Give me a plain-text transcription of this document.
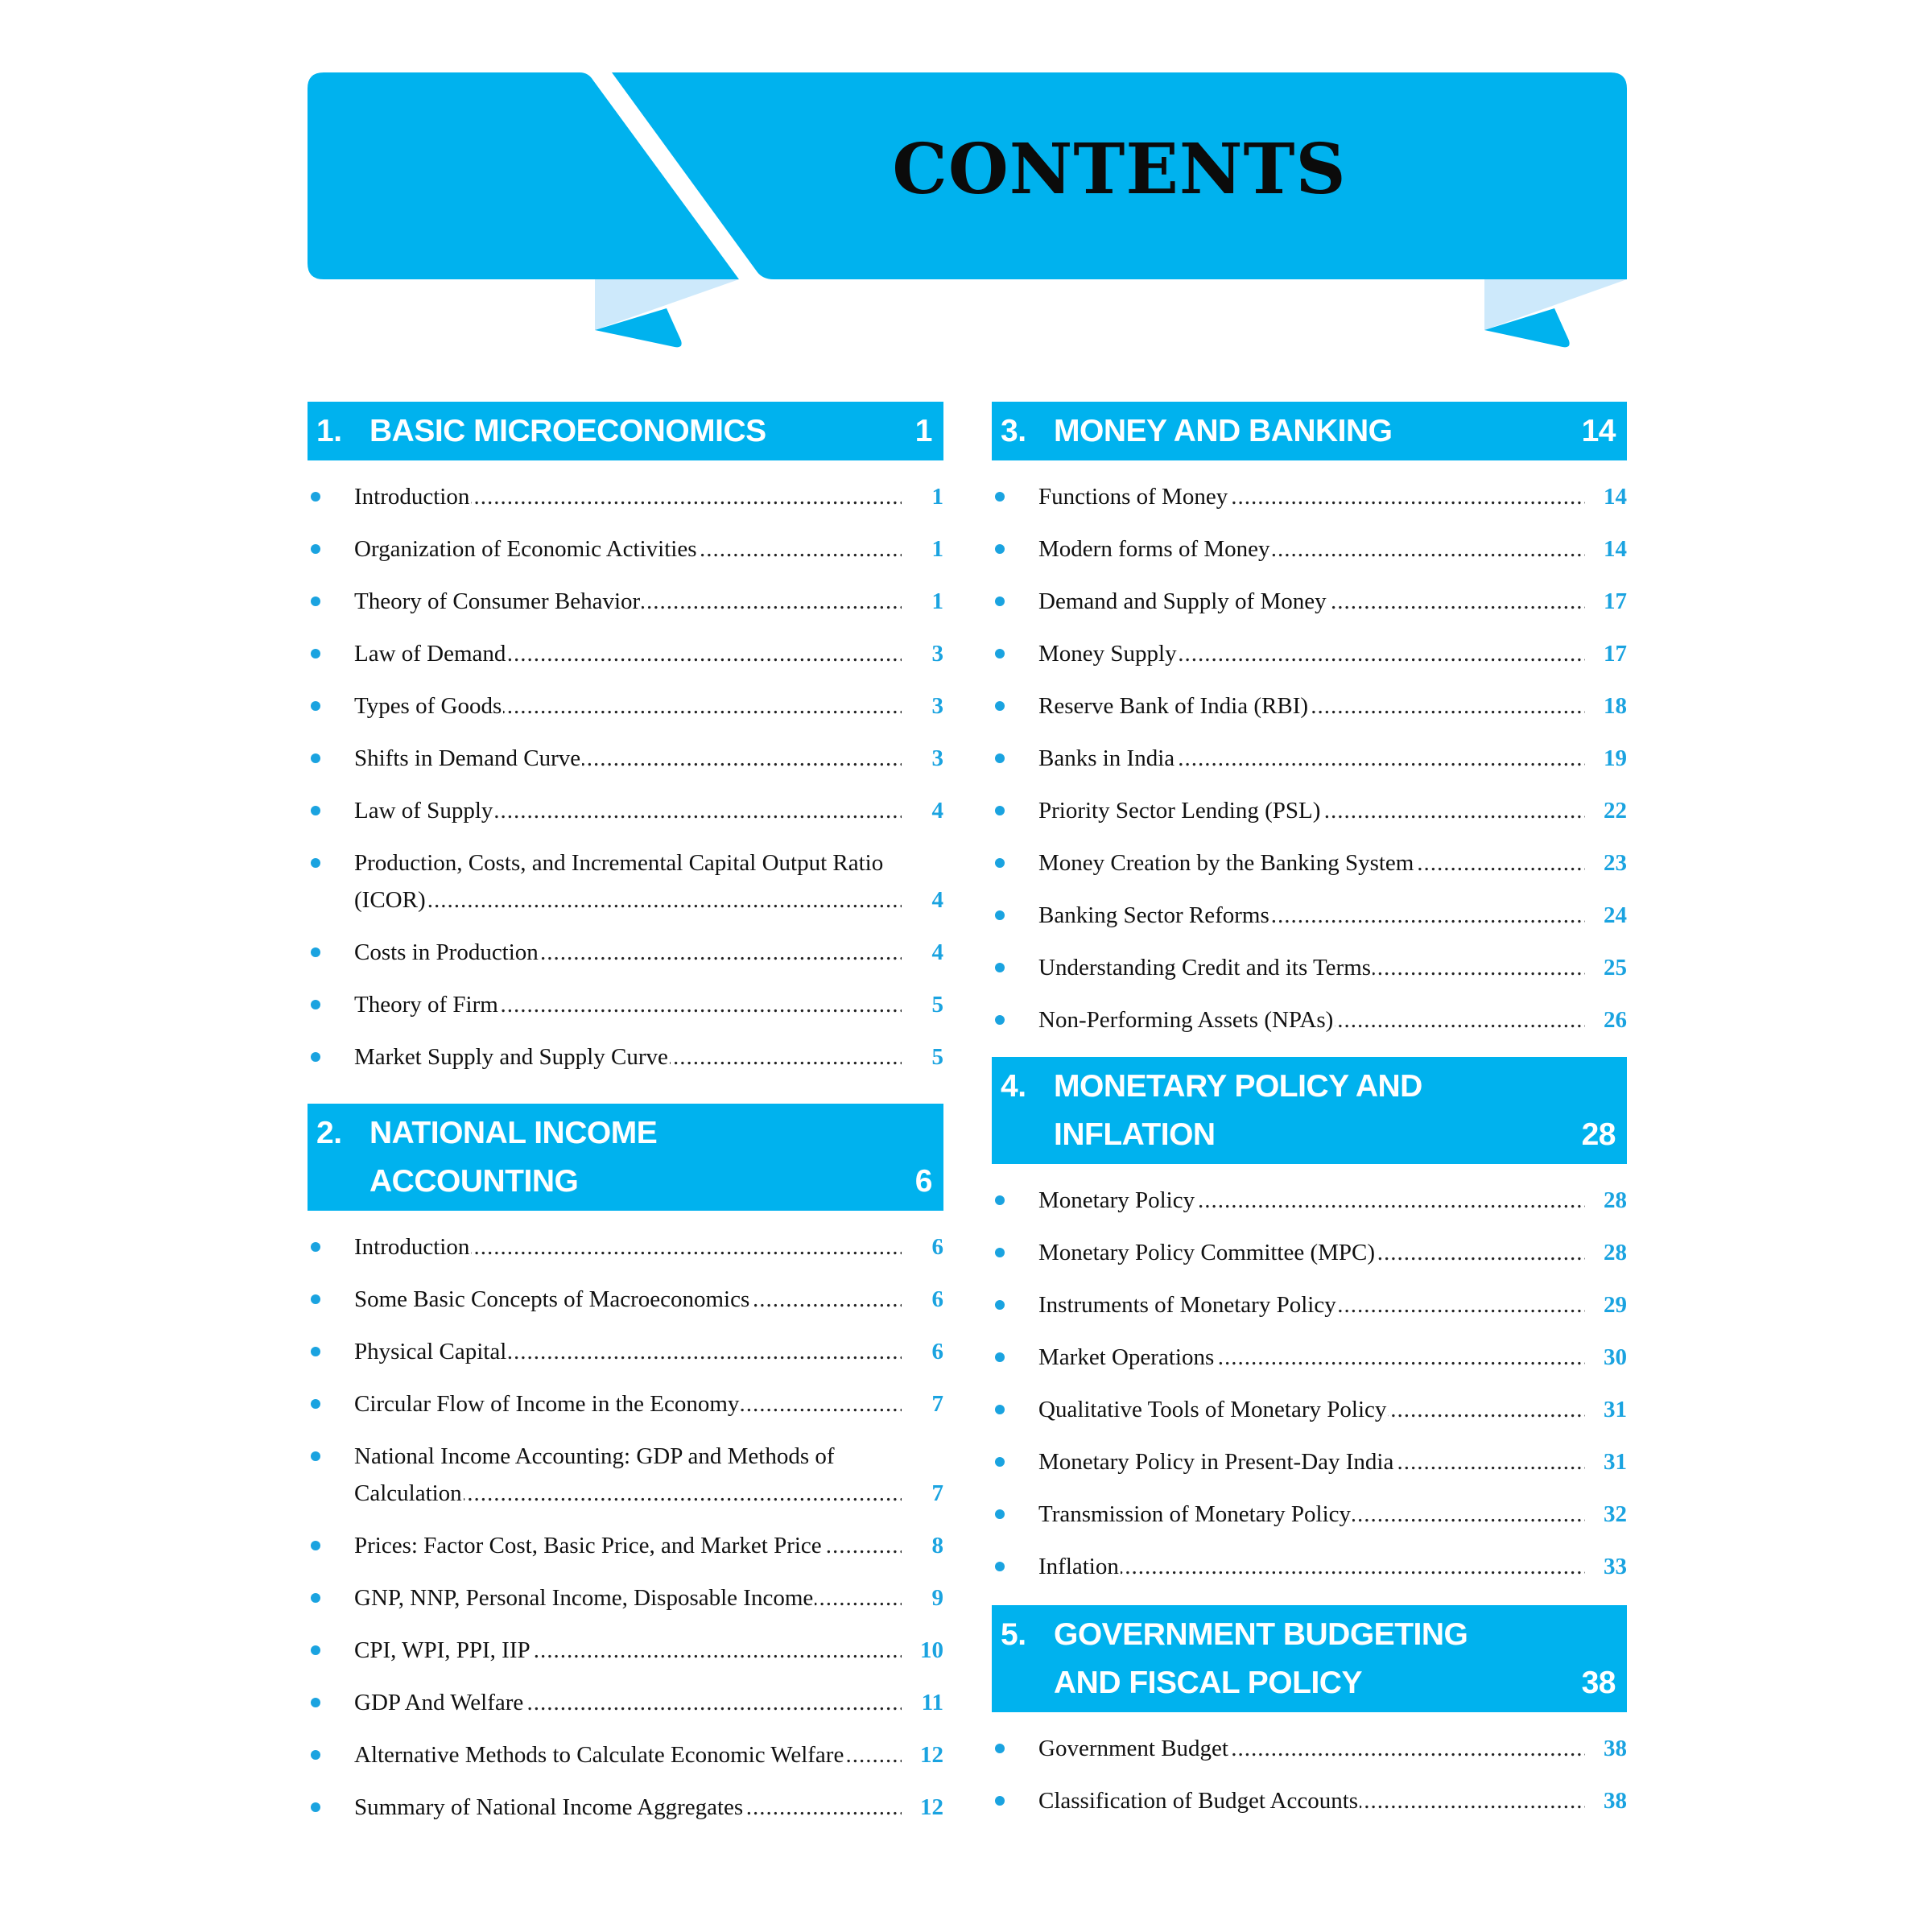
CONTENTS
1. BASIC MICROECONOMICS	1
.....
Introduction	1
.....
Organization of Economic Activities	1
.....
Theory of Consumer Behavior	1
.....
Law of Demand	3
.....
Types of Goods	3
.....
Shifts in Demand Curve	3
.....
Law of Supply	4
.....
Production, Costs, and Incremental Capital Output Ratio (ICOR)	4
.....
Costs in Production	4
.....
Theory of Firm	5
.....
Market Supply and Supply Curve	5
2. NATIONAL INCOME ACCOUNTING	6
.....
Introduction	6
.....
Some Basic Concepts of Macroeconomics	6
.....
Physical Capital	6
.....
Circular Flow of Income in the Economy	7
.....
National Income Accounting: GDP and Methods of Calculation	7
.....
Prices: Factor Cost, Basic Price, and Market Price	8
.....
GNP, NNP, Personal Income, Disposable Income	9
.....
CPI, WPI, PPI, IIP	10
.....
GDP And Welfare	11
.....
Alternative Methods to Calculate Economic Welfare	12
.....
Summary of National Income Aggregates	12
3. MONEY AND BANKING	14
.....
Functions of Money	14
.....
Modern forms of Money	14
.....
Demand and Supply of Money	17
.....
Money Supply	17
.....
Reserve Bank of India (RBI)	18
.....
Banks in India	19
.....
Priority Sector Lending (PSL)	22
.....
Money Creation by the Banking System	23
.....
Banking Sector Reforms	24
.....
Understanding Credit and its Terms	25
.....
Non-Performing Assets (NPAs)	26
4. MONETARY POLICY AND INFLATION	28
.....
Monetary Policy	28
.....
Monetary Policy Committee (MPC)	28
.....
Instruments of Monetary Policy	29
.....
Market Operations	30
.....
Qualitative Tools of Monetary Policy	31
.....
Monetary Policy in Present-Day India	31
.....
Transmission of Monetary Policy	32
.....
Inflation	33
5. GOVERNMENT BUDGETING AND FISCAL POLICY	38
.....
Government Budget	38
.....
Classification of Budget Accounts	38
